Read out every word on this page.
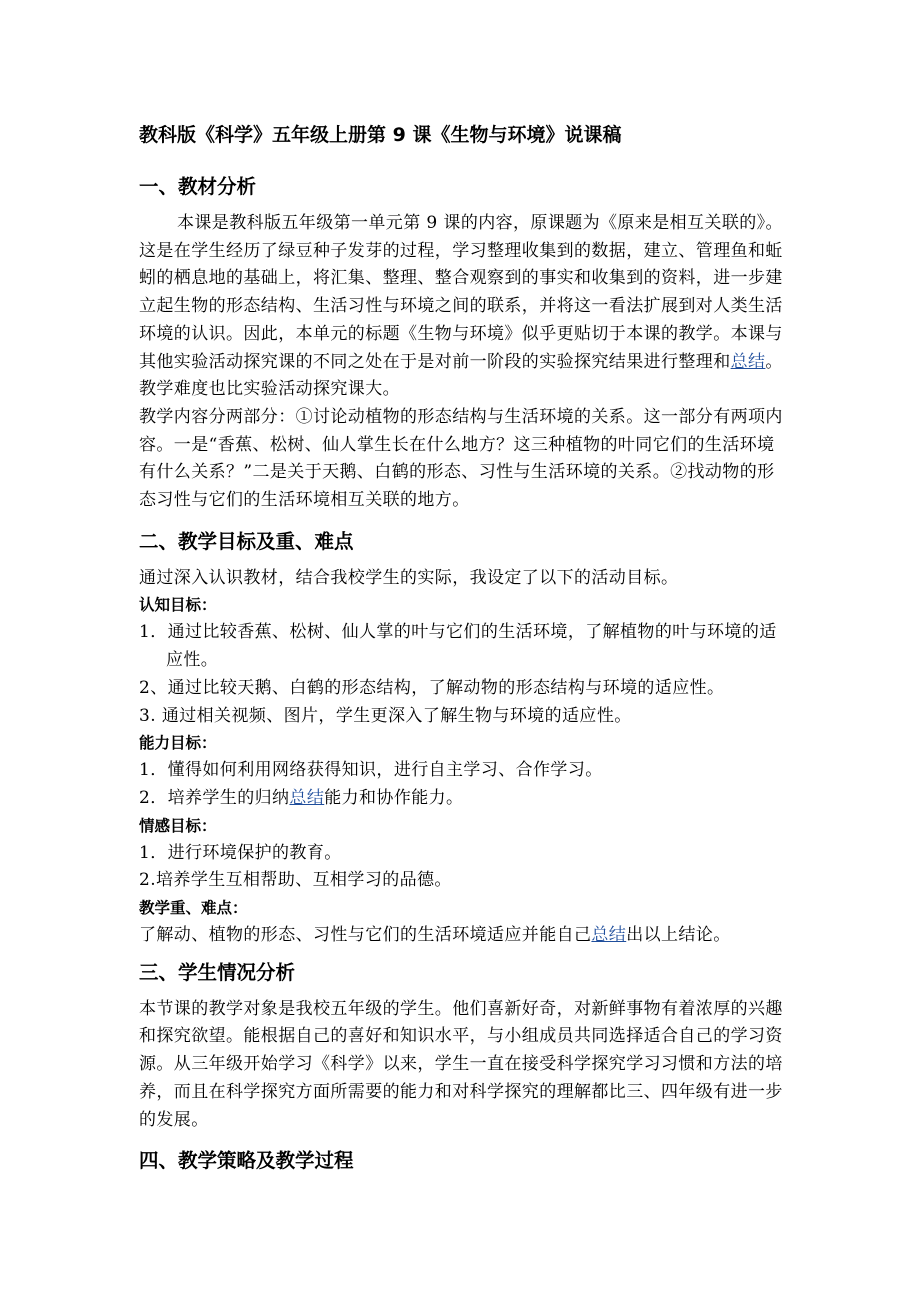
教科版《科学》五年级上册第 9 课《生物与环境》说课稿
一、教材分析

本课是教科版五年级第一单元第 9 课的内容，原课题为《原来是相互关联的》。这是在学生经历了绿豆种子发芽的过程，学习整理收集到的数据，建立、管理鱼和蚯蚓的栖息地的基础上，将汇集、整理、整合观察到的事实和收集到的资料，进一步建立起生物的形态结构、生活习性与环境之间的联系，并将这一看法扩展到对人类生活环境的认识。因此，本单元的标题《生物与环境》似乎更贴切于本课的教学。本课与其他实验活动探究课的不同之处在于是对前一阶段的实验探究结果进行整理和总结。教学难度也比实验活动探究课大。

教学内容分两部分：①讨论动植物的形态结构与生活环境的关系。这一部分有两项内容。一是“香蕉、松树、仙人掌生长在什么地方？这三种植物的叶同它们的生活环境有什么关系？”二是关于天鹅、白鹤的形态、习性与生活环境的关系。②找动物的形态习性与它们的生活环境相互关联的地方。

二、教学目标及重、难点

通过深入认识教材，结合我校学生的实际，我设定了以下的活动目标。

认知目标：

1．通过比较香蕉、松树、仙人掌的叶与它们的生活环境，了解植物的叶与环境的适应性。

2、通过比较天鹅、白鹤的形态结构，了解动物的形态结构与环境的适应性。

3. 通过相关视频、图片，学生更深入了解生物与环境的适应性。

能力目标：

1．懂得如何利用网络获得知识，进行自主学习、合作学习。

2．培养学生的归纳总结能力和协作能力。

情感目标：

1．进行环境保护的教育。

2.培养学生互相帮助、互相学习的品德。

教学重、难点：

了解动、植物的形态、习性与它们的生活环境适应并能自己总结出以上结论。

三、学生情况分析

本节课的教学对象是我校五年级的学生。他们喜新好奇，对新鲜事物有着浓厚的兴趣和探究欲望。能根据自己的喜好和知识水平，与小组成员共同选择适合自己的学习资源。从三年级开始学习《科学》以来，学生一直在接受科学探究学习习惯和方法的培养，而且在科学探究方面所需要的能力和对科学探究的理解都比三、四年级有进一步的发展。

四、教学策略及教学过程
